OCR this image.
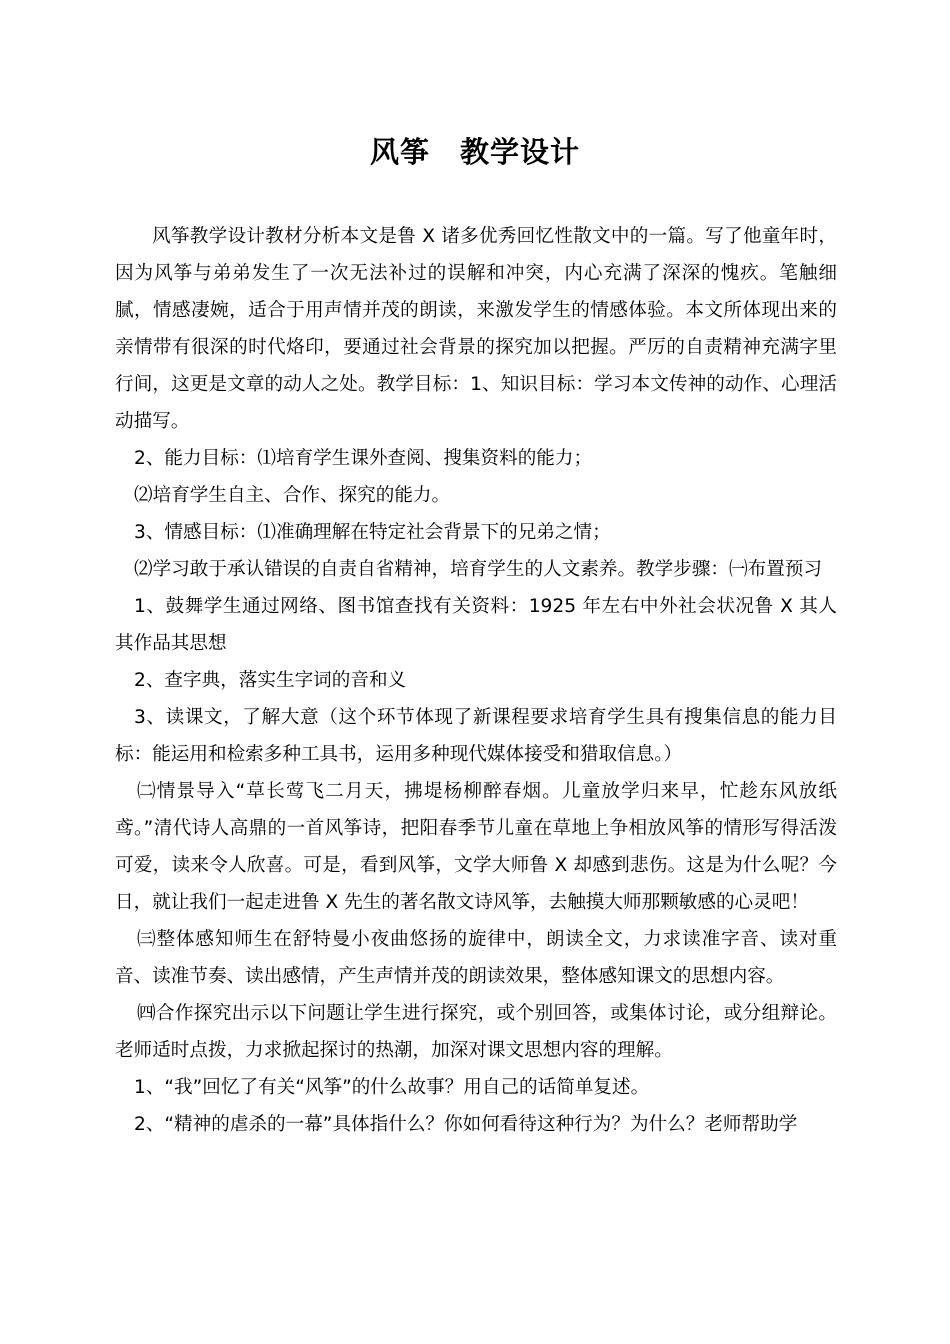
风筝　教学设计

风筝教学设计教材分析本文是鲁 X 诸多优秀回忆性散文中的一篇。写了他童年时，因为风筝与弟弟发生了一次无法补过的误解和冲突，内心充满了深深的愧疚。笔触细腻，情感凄婉，适合于用声情并茂的朗读，来激发学生的情感体验。本文所体现出来的亲情带有很深的时代烙印，要通过社会背景的探究加以把握。严厉的自责精神充满字里行间，这更是文章的动人之处。教学目标：1、知识目标：学习本文传神的动作、心理活动描写。

2、能力目标：⑴培育学生课外查阅、搜集资料的能力；

⑵培育学生自主、合作、探究的能力。

3、情感目标：⑴准确理解在特定社会背景下的兄弟之情；

⑵学习敢于承认错误的自责自省精神，培育学生的人文素养。教学步骤：㈠布置预习

1、鼓舞学生通过网络、图书馆查找有关资料：1925 年左右中外社会状况鲁 X 其人其作品其思想

2、查字典，落实生字词的音和义

3、读课文，了解大意（这个环节体现了新课程要求培育学生具有搜集信息的能力目标：能运用和检索多种工具书，运用多种现代媒体接受和猎取信息。）

㈡情景导入“草长莺飞二月天，拂堤杨柳醉春烟。儿童放学归来早，忙趁东风放纸鸢。”清代诗人高鼎的一首风筝诗，把阳春季节儿童在草地上争相放风筝的情形写得活泼可爱，读来令人欣喜。可是，看到风筝，文学大师鲁 X 却感到悲伤。这是为什么呢？今日，就让我们一起走进鲁 X 先生的著名散文诗风筝，去触摸大师那颗敏感的心灵吧！

㈢整体感知师生在舒特曼小夜曲悠扬的旋律中，朗读全文，力求读准字音、读对重音、读准节奏、读出感情，产生声情并茂的朗读效果，整体感知课文的思想内容。

㈣合作探究出示以下问题让学生进行探究，或个别回答，或集体讨论，或分组辩论。老师适时点拨，力求掀起探讨的热潮，加深对课文思想内容的理解。

1、“我”回忆了有关“风筝”的什么故事？用自己的话简单复述。

2、“精神的虐杀的一幕”具体指什么？你如何看待这种行为？为什么？老师帮助学
